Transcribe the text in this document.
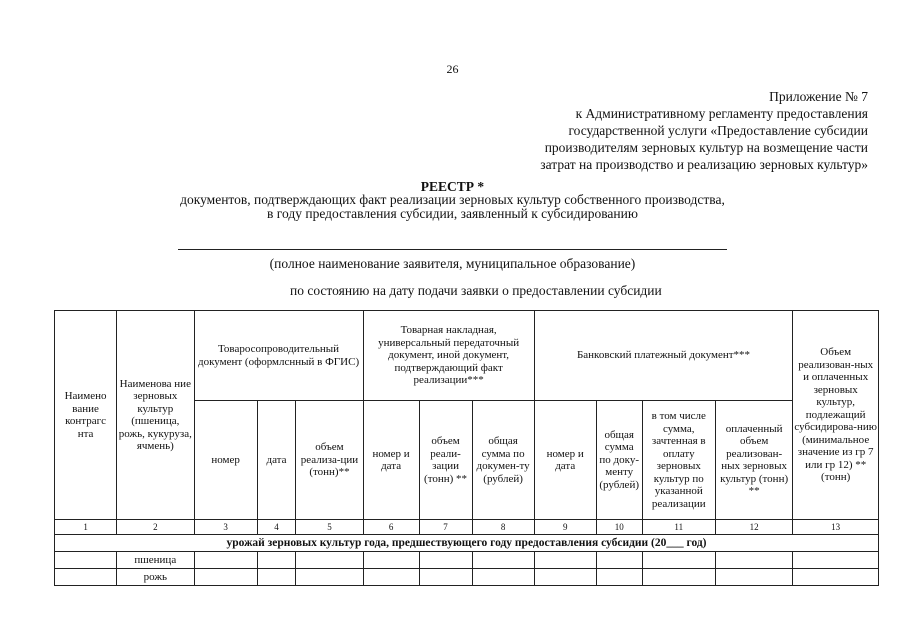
26
Приложение № 7
к Административному регламенту предоставления
государственной услуги «Предоставление субсидии
производителям зерновых культур на возмещение части
затрат на производство и реализацию зерновых культур»
РЕЕСТР *
документов, подтверждающих факт реализации зерновых культур собственного производства,
в году предоставления субсидии, заявленный к субсидированию
(полное наименование заявителя, муниципальное образование)
по состоянию на дату подачи заявки о предоставлении субсидии
Наимено вание контрагс нта	Наименова ние зерновых культур (пшеница, рожь, кукуруза, ячмень)	Товаросопроводительный документ (оформлснный в ФГИС)			Товарная накладная, универсальный передаточный документ, иной документ, подтверждающий факт реализации***			Банковский платежный документ***				Объем реализован-ных и оплаченных зерновых культур, подлежащий субсидирова-нию (минимальное значение из гр 7 или гр 12) ** (тонн)
		номер	дата	объем реализа-ции (тонн)**	номер и дата	объем реали-зации (тонн) **	общая сумма по докумен-ту (рублей)	номер и дата	общая сумма по доку-менту (рублей)	в том числе сумма, зачтенная в оплату зерновых культур по указанной реализации	оплаченный объем реализован-ных зерновых культур (тонн) **	
1	2	3	4	5	6	7	8	9	10	11	12	13
урожай зерновых культур года, предшествующего году предоставления субсидии (20___ год)												
	пшеница											
	рожь											
